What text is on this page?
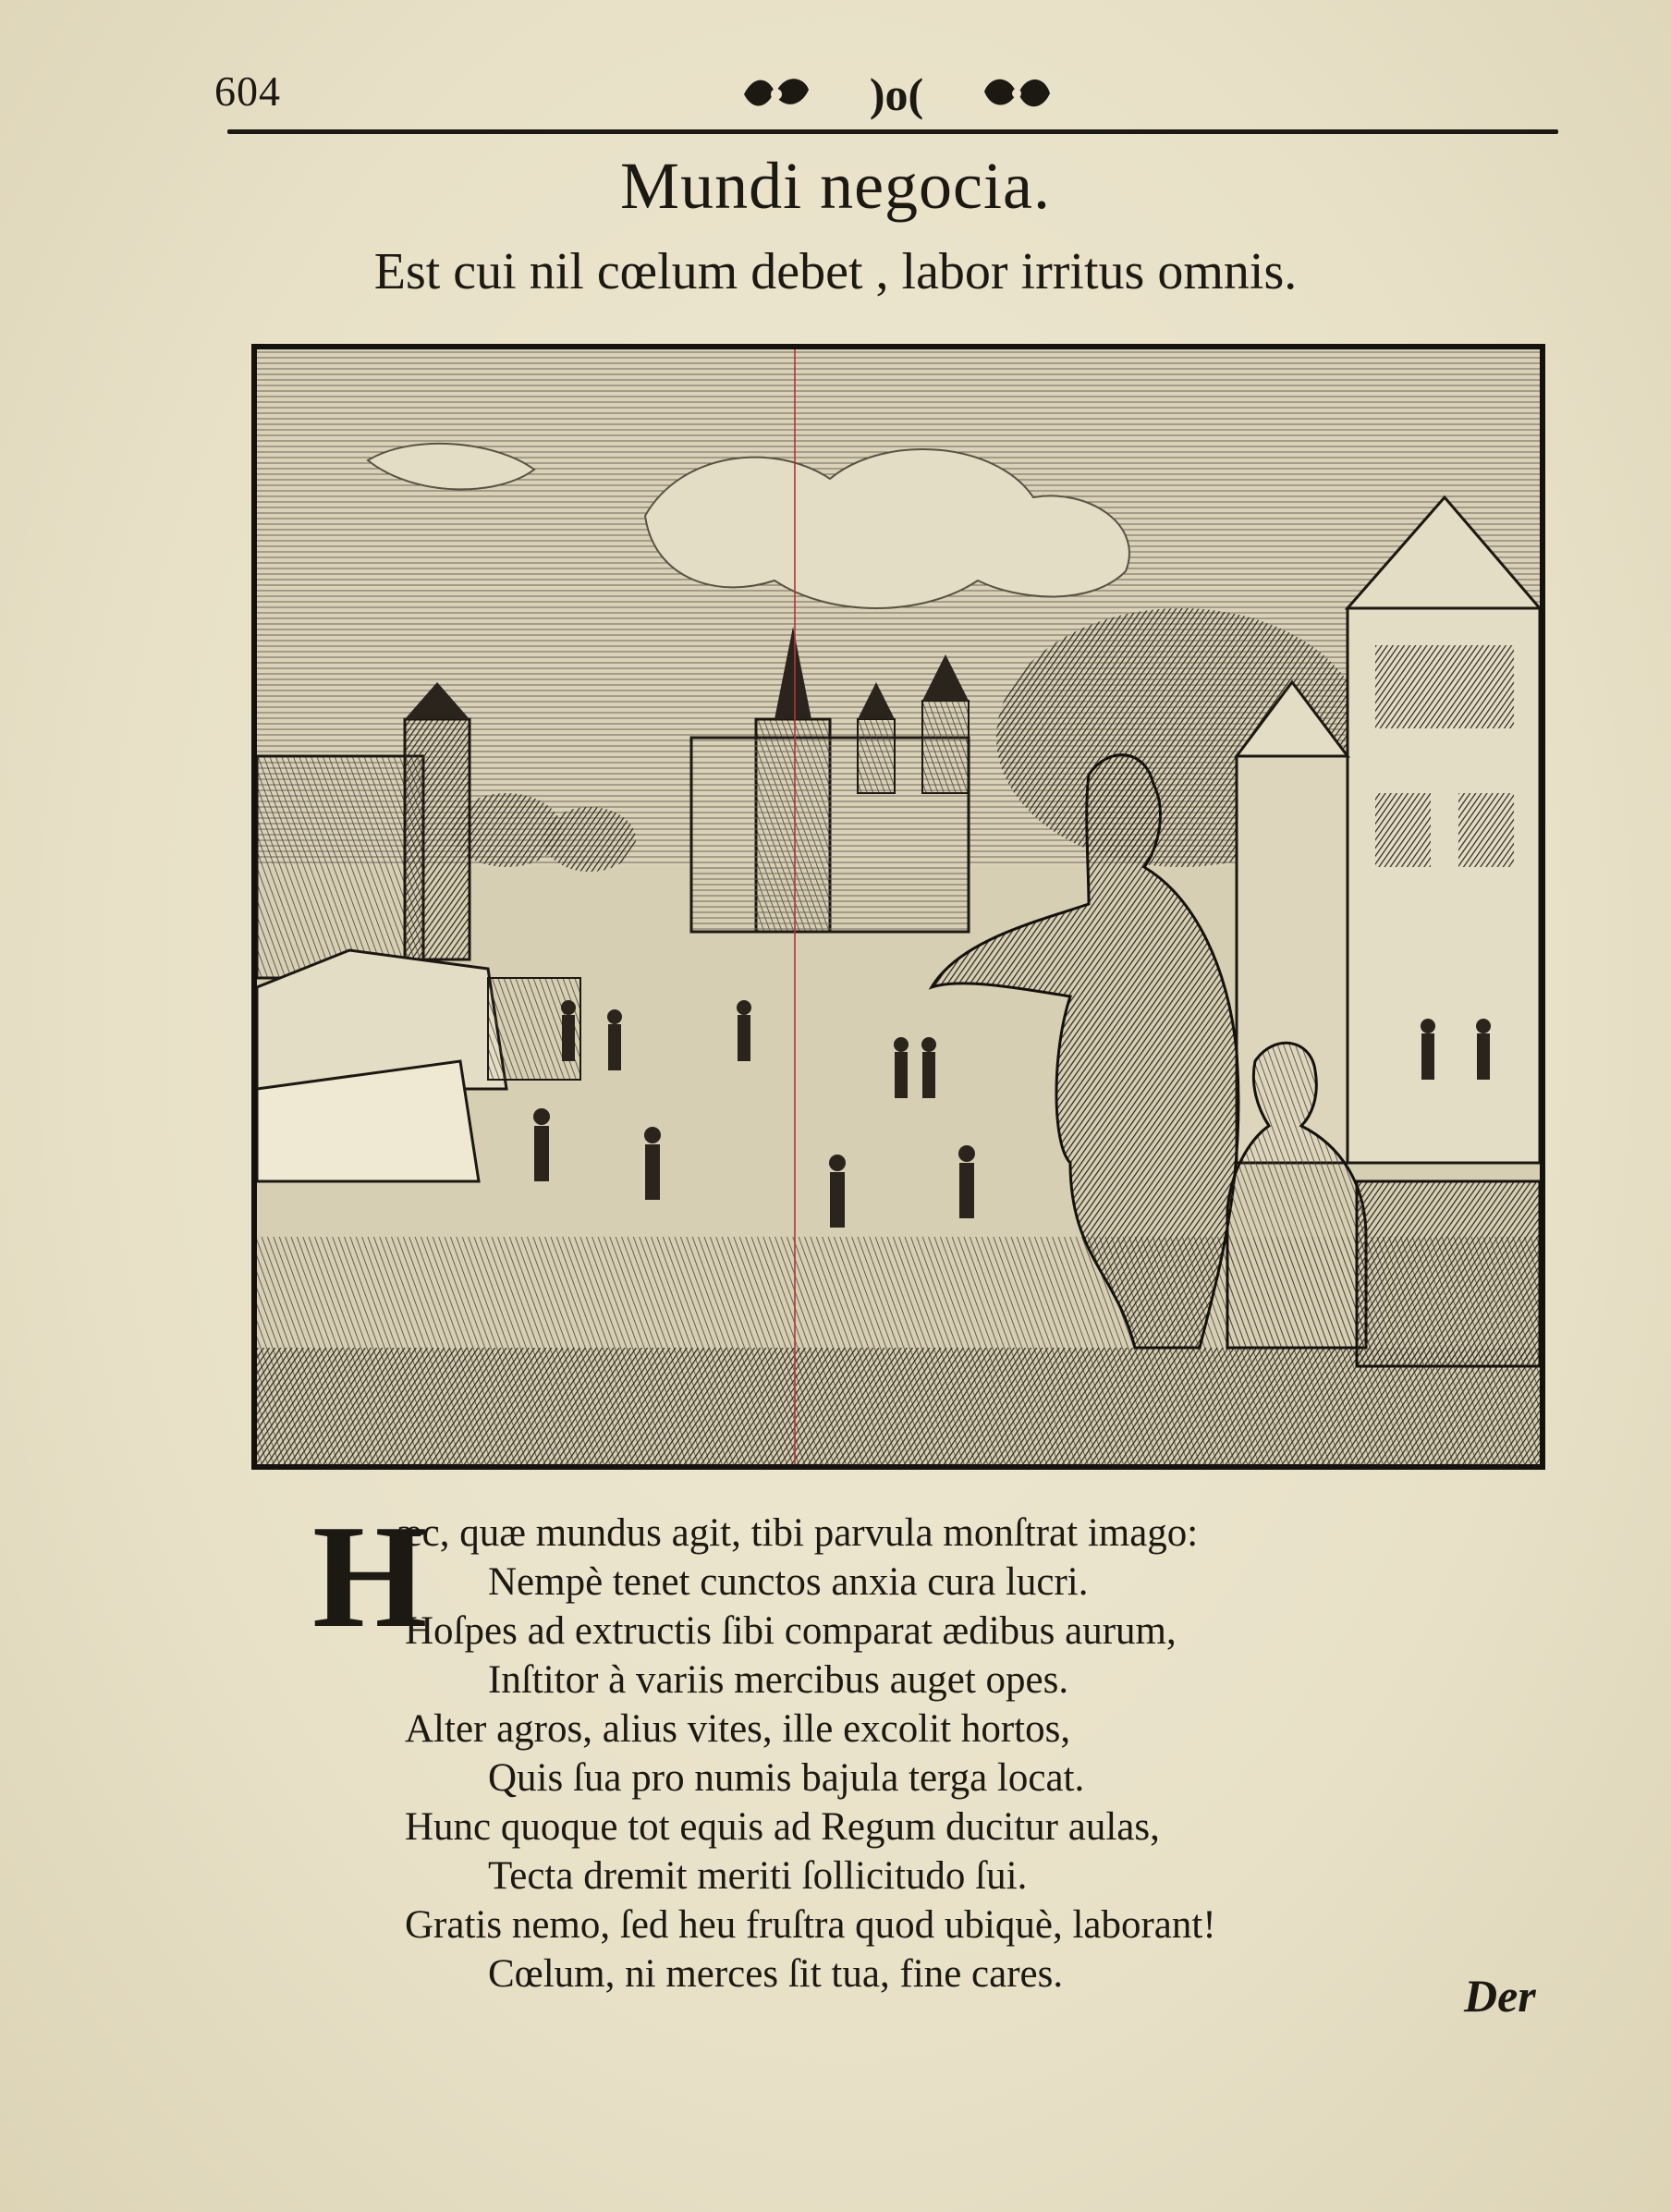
604	)o(
Mundi negocia.
Est cui nil cœlum debet , labor irritus omnis.
H
æc, quæ mundus agit, tibi parvula monſtrat imago:
Nempè tenet cunctos anxia cura lucri.
Hoſpes ad extructis ſibi comparat ædibus aurum,
Inſtitor à variis mercibus auget opes.
Alter agros, alius vites, ille excolit hortos,
Quis ſua pro numis bajula terga locat.
Hunc quoque tot equis ad Regum ducitur aulas,
Tecta dremit meriti ſollicitudo ſui.
Gratis nemo, ſed heu fruſtra quod ubiquè, laborant!
Cœlum, ni merces ſit tua, fine cares.	Der
